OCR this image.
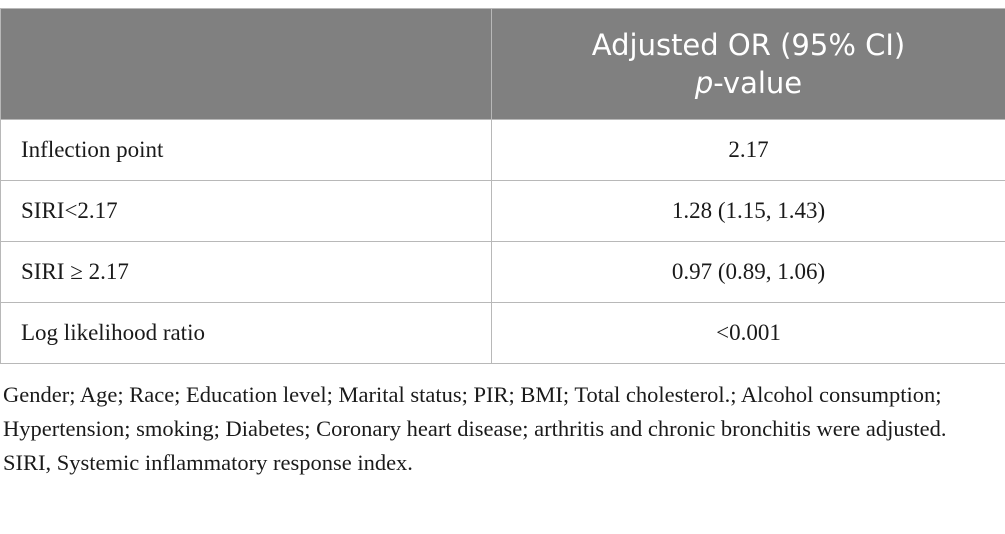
	Adjusted OR (95% CI)
p-value

Inflection point	2.17
SIRI<2.17	1.28 (1.15, 1.43)
SIRI ≥ 2.17	0.97 (0.89, 1.06)
Log likelihood ratio	<0.001

Gender; Age; Race; Education level; Marital status; PIR; BMI; Total cholesterol.; Alcohol consumption; Hypertension; smoking; Diabetes; Coronary heart disease; arthritis and chronic bronchitis were adjusted.

SIRI, Systemic inflammatory response index.
